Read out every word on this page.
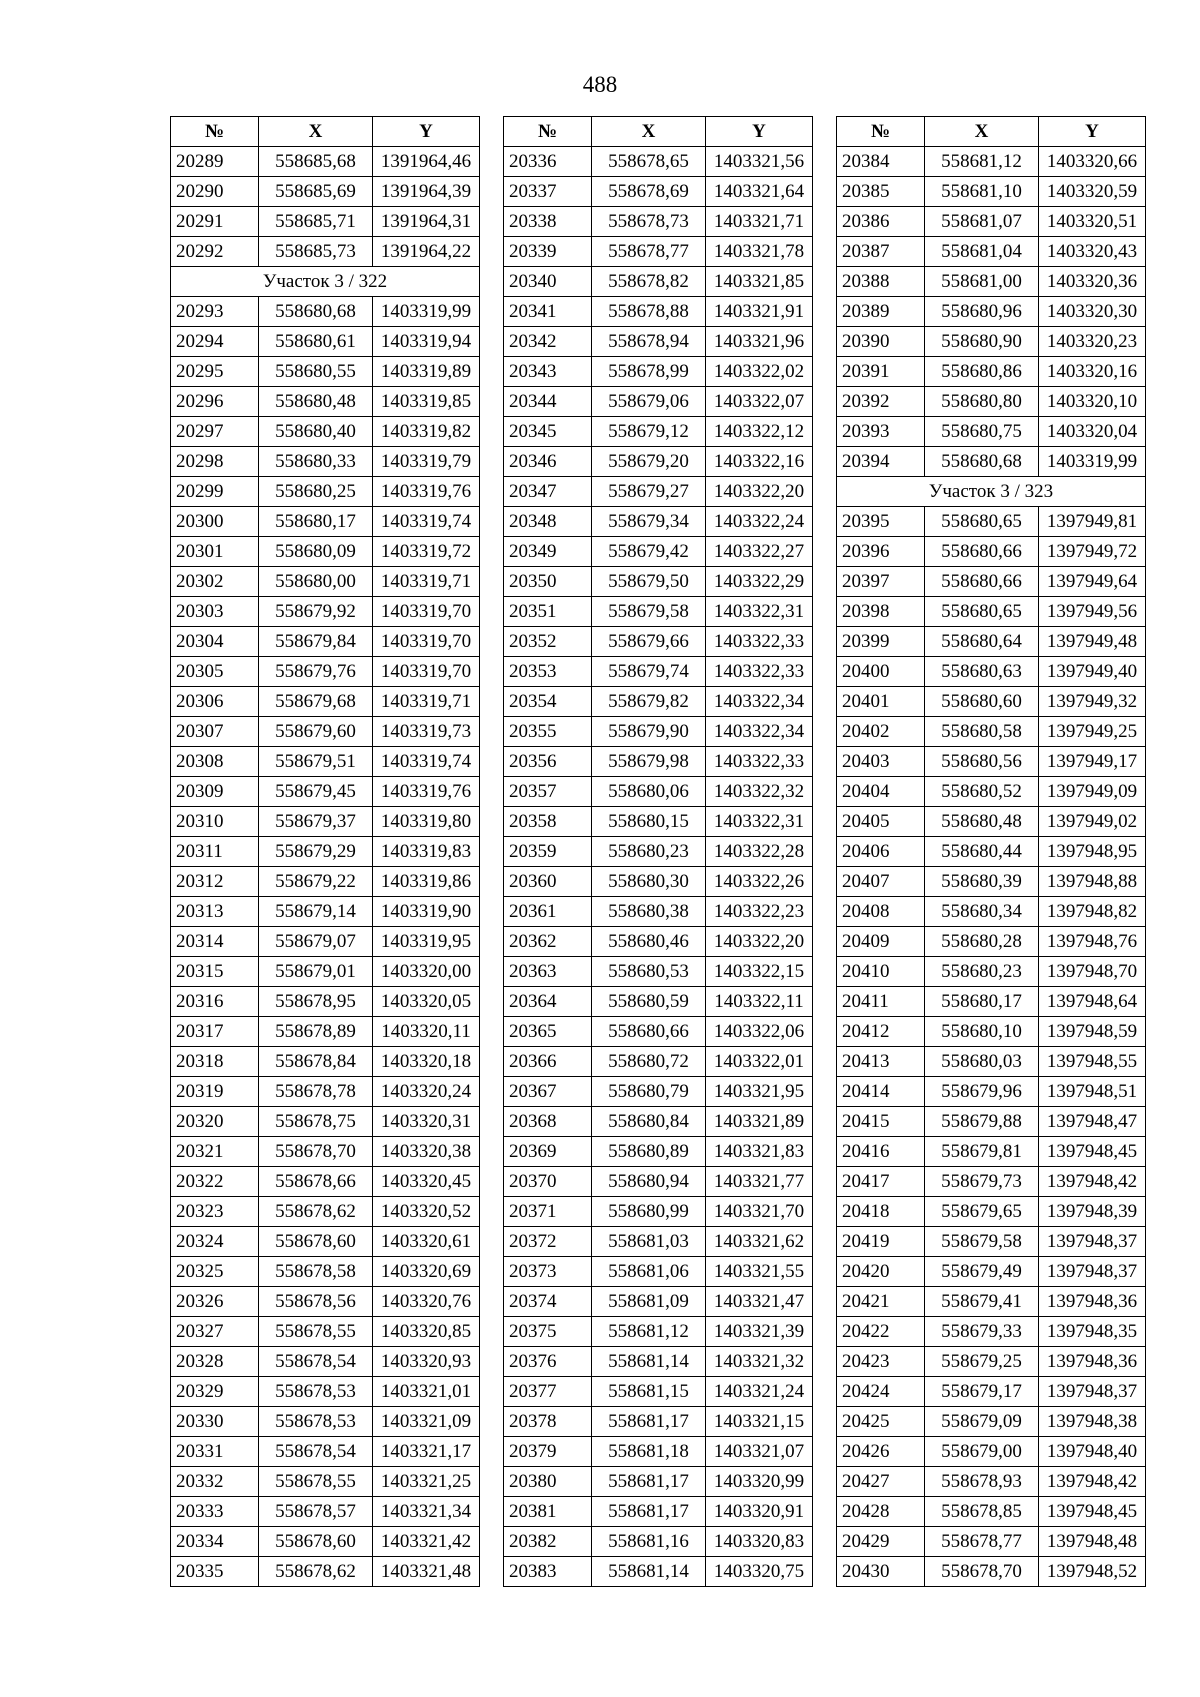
488
№	X	Y
20289	558685,68	1391964,46
20290	558685,69	1391964,39
20291	558685,71	1391964,31
20292	558685,73	1391964,22
Участок 3 / 322		
20293	558680,68	1403319,99
20294	558680,61	1403319,94
20295	558680,55	1403319,89
20296	558680,48	1403319,85
20297	558680,40	1403319,82
20298	558680,33	1403319,79
20299	558680,25	1403319,76
20300	558680,17	1403319,74
20301	558680,09	1403319,72
20302	558680,00	1403319,71
20303	558679,92	1403319,70
20304	558679,84	1403319,70
20305	558679,76	1403319,70
20306	558679,68	1403319,71
20307	558679,60	1403319,73
20308	558679,51	1403319,74
20309	558679,45	1403319,76
20310	558679,37	1403319,80
20311	558679,29	1403319,83
20312	558679,22	1403319,86
20313	558679,14	1403319,90
20314	558679,07	1403319,95
20315	558679,01	1403320,00
20316	558678,95	1403320,05
20317	558678,89	1403320,11
20318	558678,84	1403320,18
20319	558678,78	1403320,24
20320	558678,75	1403320,31
20321	558678,70	1403320,38
20322	558678,66	1403320,45
20323	558678,62	1403320,52
20324	558678,60	1403320,61
20325	558678,58	1403320,69
20326	558678,56	1403320,76
20327	558678,55	1403320,85
20328	558678,54	1403320,93
20329	558678,53	1403321,01
20330	558678,53	1403321,09
20331	558678,54	1403321,17
20332	558678,55	1403321,25
20333	558678,57	1403321,34
20334	558678,60	1403321,42
20335	558678,62	1403321,48
№	X	Y
20336	558678,65	1403321,56
20337	558678,69	1403321,64
20338	558678,73	1403321,71
20339	558678,77	1403321,78
20340	558678,82	1403321,85
20341	558678,88	1403321,91
20342	558678,94	1403321,96
20343	558678,99	1403322,02
20344	558679,06	1403322,07
20345	558679,12	1403322,12
20346	558679,20	1403322,16
20347	558679,27	1403322,20
20348	558679,34	1403322,24
20349	558679,42	1403322,27
20350	558679,50	1403322,29
20351	558679,58	1403322,31
20352	558679,66	1403322,33
20353	558679,74	1403322,33
20354	558679,82	1403322,34
20355	558679,90	1403322,34
20356	558679,98	1403322,33
20357	558680,06	1403322,32
20358	558680,15	1403322,31
20359	558680,23	1403322,28
20360	558680,30	1403322,26
20361	558680,38	1403322,23
20362	558680,46	1403322,20
20363	558680,53	1403322,15
20364	558680,59	1403322,11
20365	558680,66	1403322,06
20366	558680,72	1403322,01
20367	558680,79	1403321,95
20368	558680,84	1403321,89
20369	558680,89	1403321,83
20370	558680,94	1403321,77
20371	558680,99	1403321,70
20372	558681,03	1403321,62
20373	558681,06	1403321,55
20374	558681,09	1403321,47
20375	558681,12	1403321,39
20376	558681,14	1403321,32
20377	558681,15	1403321,24
20378	558681,17	1403321,15
20379	558681,18	1403321,07
20380	558681,17	1403320,99
20381	558681,17	1403320,91
20382	558681,16	1403320,83
20383	558681,14	1403320,75
№	X	Y
20384	558681,12	1403320,66
20385	558681,10	1403320,59
20386	558681,07	1403320,51
20387	558681,04	1403320,43
20388	558681,00	1403320,36
20389	558680,96	1403320,30
20390	558680,90	1403320,23
20391	558680,86	1403320,16
20392	558680,80	1403320,10
20393	558680,75	1403320,04
20394	558680,68	1403319,99
Участок 3 / 323		
20395	558680,65	1397949,81
20396	558680,66	1397949,72
20397	558680,66	1397949,64
20398	558680,65	1397949,56
20399	558680,64	1397949,48
20400	558680,63	1397949,40
20401	558680,60	1397949,32
20402	558680,58	1397949,25
20403	558680,56	1397949,17
20404	558680,52	1397949,09
20405	558680,48	1397949,02
20406	558680,44	1397948,95
20407	558680,39	1397948,88
20408	558680,34	1397948,82
20409	558680,28	1397948,76
20410	558680,23	1397948,70
20411	558680,17	1397948,64
20412	558680,10	1397948,59
20413	558680,03	1397948,55
20414	558679,96	1397948,51
20415	558679,88	1397948,47
20416	558679,81	1397948,45
20417	558679,73	1397948,42
20418	558679,65	1397948,39
20419	558679,58	1397948,37
20420	558679,49	1397948,37
20421	558679,41	1397948,36
20422	558679,33	1397948,35
20423	558679,25	1397948,36
20424	558679,17	1397948,37
20425	558679,09	1397948,38
20426	558679,00	1397948,40
20427	558678,93	1397948,42
20428	558678,85	1397948,45
20429	558678,77	1397948,48
20430	558678,70	1397948,52
